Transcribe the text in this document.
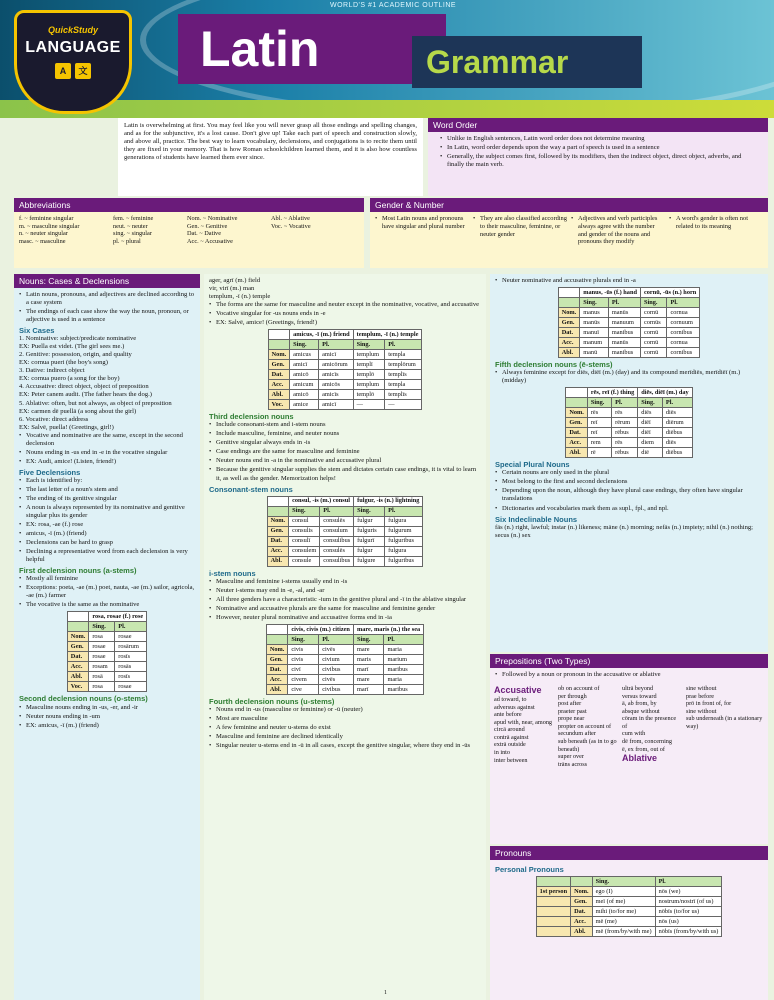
WORLD'S #1 ACADEMIC OUTLINE
QuickStudy
LANGUAGE
A	文	Latin	Grammar
Latin is overwhelming at first. You may feel like you will never grasp all those endings and spelling changes, and as for the subjunctive, it's a lost cause. Don't give up! Take each part of speech and construction slowly, and above all, practice. The best way to learn vocabulary, declensions, and conjugations is to recite them until they are fixed in your memory. That is how Roman schoolchildren learned them, and it is also how countless generations of students have learned them ever since.
Word Order
• Unlike in English sentences, Latin word order does not determine meaning
• In Latin, word order depends upon the way a part of speech is used in a sentence
• Generally, the subject comes first, followed by its modifiers, then the indirect object, direct object, adverbs, and finally the main verb.
Abbreviations
f. ~ feminine singular	fem. ~ feminine	Nom. ~ Nominative	Abl. ~ Ablative
m. ~ masculine singular	neut. ~ neuter	Gen. ~ Genitive	Voc. ~ Vocative
n. ~ neuter singular	sing. ~ singular	Dat. ~ Dative
masc. ~ masculine	pl. ~ plural	Acc. ~ Accusative
Gender & Number
• Most Latin nouns and pronouns have singular and plural number
• They are also classified according to their masculine, feminine, or neuter gender
• Adjectives and verb participles always agree with the number and gender of the nouns and pronouns they modify
• A word's gender is often not related to its meaning
Nouns: Cases & Declensions
• Latin nouns, pronouns, and adjectives are declined according to a case system
• The endings of each case show the way the noun, pronoun, or adjective is used in a sentence
Six Cases
1. Nominative: subject/predicate nominative
EX: Puella est videt. (The girl sees me.)
2. Genitive: possession, origin, and quality
EX: cornua pueri (the boy's song)
3. Dative: indirect object
EX: cornua puero (a song for the boy)
4. Accusative: direct object, object of preposition
EX: Peter canem audit. (The father hears the dog.)
5. Ablative: often, but not always, as object of preposition
EX: carmen dē puellā (a song about the girl)
6. Vocative: direct address
EX: Salvē, puella! (Greetings, girl!)
• Vocative and nominative are the same, except in the second declension
• Nouns ending in -us end in -e in the vocative singular
• EX: Audi, amice! (Listen, friend!)
Five Declensions
• Each is identified by:
• The last letter of a noun's stem and
• The ending of its genitive singular
• A noun is always represented by its nominative and genitive singular plus its gender
• EX: rosa, -ae (f.) rose
• amicus, -ī (m.) (friend)
• Declensions can be hard to grasp
• Declining a representative word from each declension is very helpful
First declension nouns (a-stems)
• Mostly all feminine
• Exceptions: poeta, -ae (m.) poet, nauta, -ae (m.) sailor, agricola, -ae (m.) farmer
• The vocative is the same as the nominative
	rosa, rosae (f.) rose	
	Sing.	Pl.
Nom.	rosa	rosae
Gen.	rosae	rosārum
Dat.	rosae	rosīs
Acc.	rosam	rosās
Abl.	rosā	rosīs
Voc.	rosa	rosae
Second declension nouns (o-stems)
• Masculine nouns ending in -us, -er, and -ir
• Neuter nouns ending in -um
• EX: amicus, -ī (m.) (friend)
ager, agrī (m.) field
vir, virī (m.) man
templum, -ī (n.) temple
• The forms are the same for masculine and neuter except in the nominative, vocative, and accusative
• Vocative singular for -us nouns ends in -e
• EX: Salvē, amice! (Greetings, friend!)
	amicus, -ī (m.) friend		templum, -ī (n.) temple	
	Sing.	Pl.	Sing.	Pl.
Nom.	amicus	amicī	templum	templa
Gen.	amicī	amicōrum	templī	templōrum
Dat.	amicō	amicīs	templō	templīs
Acc.	amicum	amicōs	templum	templa
Abl.	amicō	amicīs	templō	templīs
Voc.	amice	amicī	—	—
Third declension nouns
• Include consonant-stem and i-stem nouns
• Include masculine, feminine, and neuter nouns
• Genitive singular always ends in -is
• Case endings are the same for masculine and feminine
• Neuter nouns end in -a in the nominative and accusative plural
• Because the genitive singular supplies the stem and dictates certain case endings, it is vital to learn it, as well as the gender. Memorization helps!
Consonant-stem nouns
	consul, -is (m.) consul		fulgur, -is (n.) lightning	
	Sing.	Pl.	Sing.	Pl.
Nom.	consul	consulēs	fulgur	fulgura
Gen.	consulis	consulum	fulguris	fulgurum
Dat.	consulī	consulibus	fulgurī	fulguribus
Acc.	consulem	consulēs	fulgur	fulgura
Abl.	consule	consulibus	fulgure	fulguribus
i-stem nouns
• Masculine and feminine i-stems usually end in -is
• Neuter i-stems may end in -e, -al, and -ar
• All three genders have a characteristic -ium in the genitive plural and -ī in the ablative singular
• Nominative and accusative plurals are the same for masculine and feminine gender
• However, neuter plural nominative and accusative forms end in -ia
	civis, civis (m.) citizen		mare, maris (n.) the sea	
	Sing.	Pl.	Sing.	Pl.
Nom.	civis	civēs	mare	maria
Gen.	civis	civium	maris	marium
Dat.	civī	civibus	marī	maribus
Acc.	civem	civēs	mare	maria
Abl.	cive	civibus	marī	maribus
Fourth declension nouns (u-stems)
• Nouns end in -us (masculine or feminine) or -ū (neuter)
• Most are masculine
• A few feminine and neuter u-stems do exist
• Masculine and feminine are declined identically
• Singular neuter u-stems end in -ū in all cases, except the genitive singular, where they end in -ūs
• Neuter nominative and accusative plurals end in -a
	manus, -ūs (f.) hand		cornū, -ūs (n.) horn	
	Sing.	Pl.	Sing.	Pl.
Nom.	manus	manūs	cornū	cornua
Gen.	manūs	manuum	cornūs	cornuum
Dat.	manuī	manibus	cornū	cornibus
Acc.	manum	manūs	cornū	cornua
Abl.	manū	manibus	cornū	cornibus
Fifth declension nouns (ē-stems)
• Always feminine except for diēs, diēī (m.) (day) and its compound merīdiēs, merīdiēī (m.) (midday)
	rēs, reī (f.) thing		diēs, diēī (m.) day	
	Sing.	Pl.	Sing.	Pl.
Nom.	rēs	rēs	diēs	diēs
Gen.	reī	rērum	diēī	diērum
Dat.	reī	rēbus	diēī	diēbus
Acc.	rem	rēs	diem	diēs
Abl.	rē	rēbus	diē	diēbus
Special Plural Nouns
• Certain nouns are only used in the plural
• Most belong to the first and second declensions
• Depending upon the noun, although they have plural case endings, they often have singular translations
• Dictionaries and vocabularies mark them as supl., fpl., and npl.
Six Indeclinable Nouns
fās (n.) right, lawful; instar (n.) likeness; māne (n.) morning; nefās (n.) impiety; nihil (n.) nothing; secus (n.) sex
Prepositions (Two Types)
• Followed by a noun or pronoun in the accusative or ablative
Accusative
ad toward, to
adversus against
ante before
apud with, near, among
circā around
contrā against
extrā outside
in into
inter between
ob on account of
per through
post after
praeter past
prope near
propter on account of
secundum after
sub beneath (as in to go beneath)
super over
trāns across
ultrā beyond
versus toward
ā, ab from, by
absque without
cōram in the presence of
cum with
dē from, concerning
ē, ex from, out of
Ablative
sine without
prae before
prō in front of, for
sine without
sub underneath (in a stationary way)
Pronouns
Personal Pronouns
		Sing.	Pl.
1st person	Nom.	ego (I)	nōs (we)
	Gen.	meī (of me)	nostrum/nostrī (of us)
	Dat.	mihi (to/for me)	nōbīs (to/for us)
	Acc.	mē (me)	nōs (us)
	Abl.	mē (from/by/with me)	nōbīs (from/by/with us)
1
